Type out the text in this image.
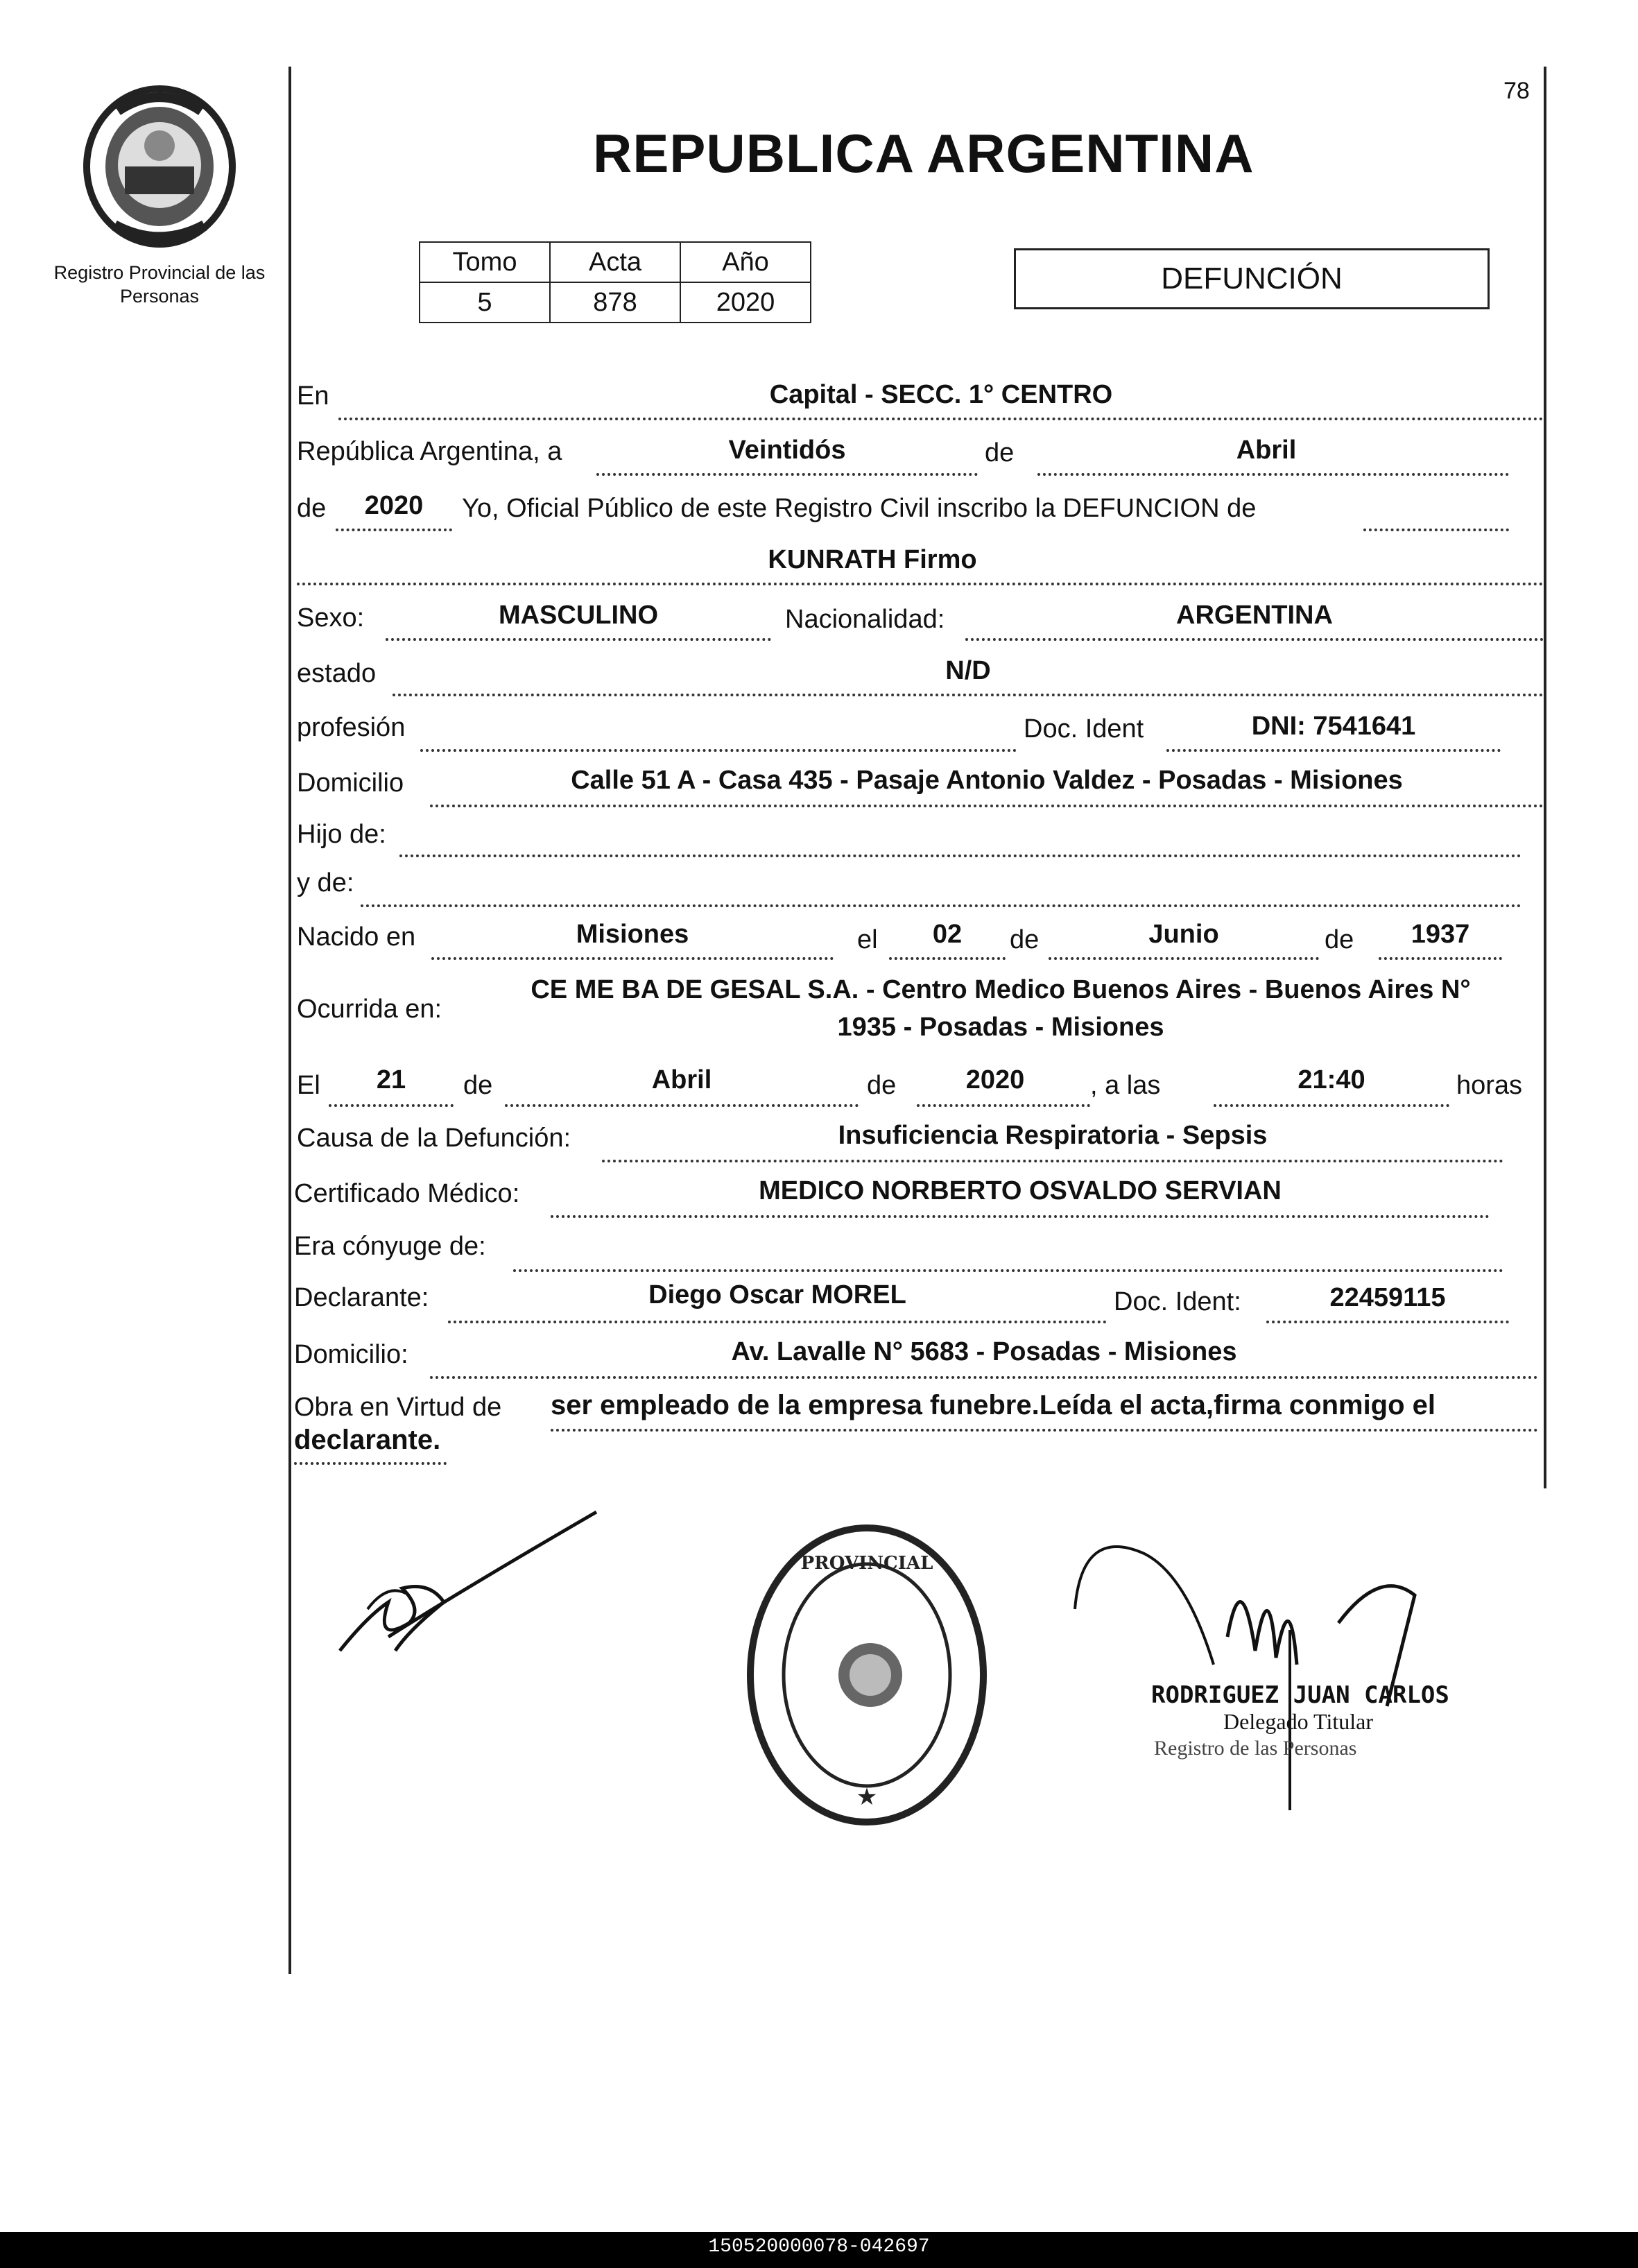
Registro Provincial de las Personas
78
REPUBLICA ARGENTINA
Tomo	Acta	Año
5	878	2020
DEFUNCIÓN
En	Capital - SECC. 1° CENTRO
República Argentina, a	Veintidós	de	Abril
de	2020	Yo, Oficial Público de este Registro Civil inscribo la DEFUNCION de
KUNRATH Firmo
Sexo:	MASCULINO	Nacionalidad:	ARGENTINA
estado	N/D
profesión	Doc. Ident	DNI: 7541641
Domicilio	Calle 51 A - Casa 435 - Pasaje Antonio Valdez - Posadas - Misiones
Hijo de:
y de:
Nacido en	Misiones	el	02	de	Junio	de	1937
Ocurrida en:
CE ME BA DE GESAL S.A. - Centro Medico Buenos Aires - Buenos Aires N°
1935 - Posadas - Misiones
El	21	de	Abril	de	2020	, a las	21:40	horas
Causa de la Defunción:	Insuficiencia Respiratoria - Sepsis
Certificado Médico:	MEDICO NORBERTO OSVALDO SERVIAN
Era cónyuge de:
Declarante:	Diego Oscar MOREL	Doc. Ident:	22459115
Domicilio:	Av. Lavalle N° 5683 - Posadas - Misiones
Obra en Virtud de ser empleado de la empresa funebre.Leída el acta,firma conmigo el
declarante.
PROVINCIAL
★
RODRIGUEZ JUAN CARLOS
Delegado Titular
Registro de las Personas
150520000078-042697
